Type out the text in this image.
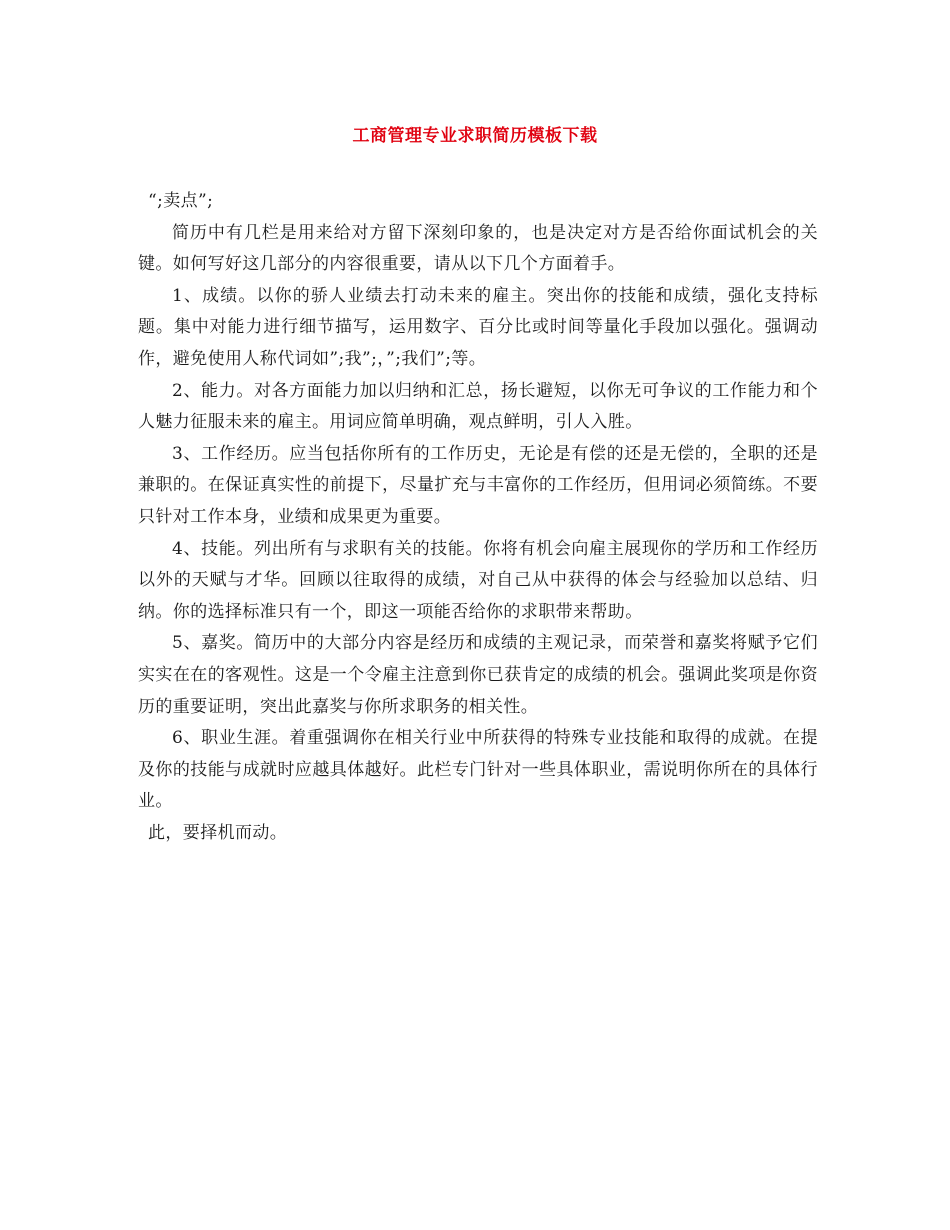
工商管理专业求职简历模板下载

“;卖点”;

简历中有几栏是用来给对方留下深刻印象的，也是决定对方是否给你面试机会的关键。如何写好这几部分的内容很重要，请从以下几个方面着手。

1、成绩。以你的骄人业绩去打动未来的雇主。突出你的技能和成绩，强化支持标题。集中对能力进行细节描写，运用数字、百分比或时间等量化手段加以强化。强调动作，避免使用人称代词如”;我”;，”;我们”;等。

2、能力。对各方面能力加以归纳和汇总，扬长避短，以你无可争议的工作能力和个人魅力征服未来的雇主。用词应简单明确，观点鲜明，引人入胜。

3、工作经历。应当包括你所有的工作历史，无论是有偿的还是无偿的，全职的还是兼职的。在保证真实性的前提下，尽量扩充与丰富你的工作经历，但用词必须简练。不要只针对工作本身，业绩和成果更为重要。

4、技能。列出所有与求职有关的技能。你将有机会向雇主展现你的学历和工作经历以外的天赋与才华。回顾以往取得的成绩，对自己从中获得的体会与经验加以总结、归纳。你的选择标准只有一个，即这一项能否给你的求职带来帮助。

5、嘉奖。简历中的大部分内容是经历和成绩的主观记录，而荣誉和嘉奖将赋予它们实实在在的客观性。这是一个令雇主注意到你已获肯定的成绩的机会。强调此奖项是你资历的重要证明，突出此嘉奖与你所求职务的相关性。

6、职业生涯。着重强调你在相关行业中所获得的特殊专业技能和取得的成就。在提及你的技能与成就时应越具体越好。此栏专门针对一些具体职业，需说明你所在的具体行业。

此，要择机而动。
